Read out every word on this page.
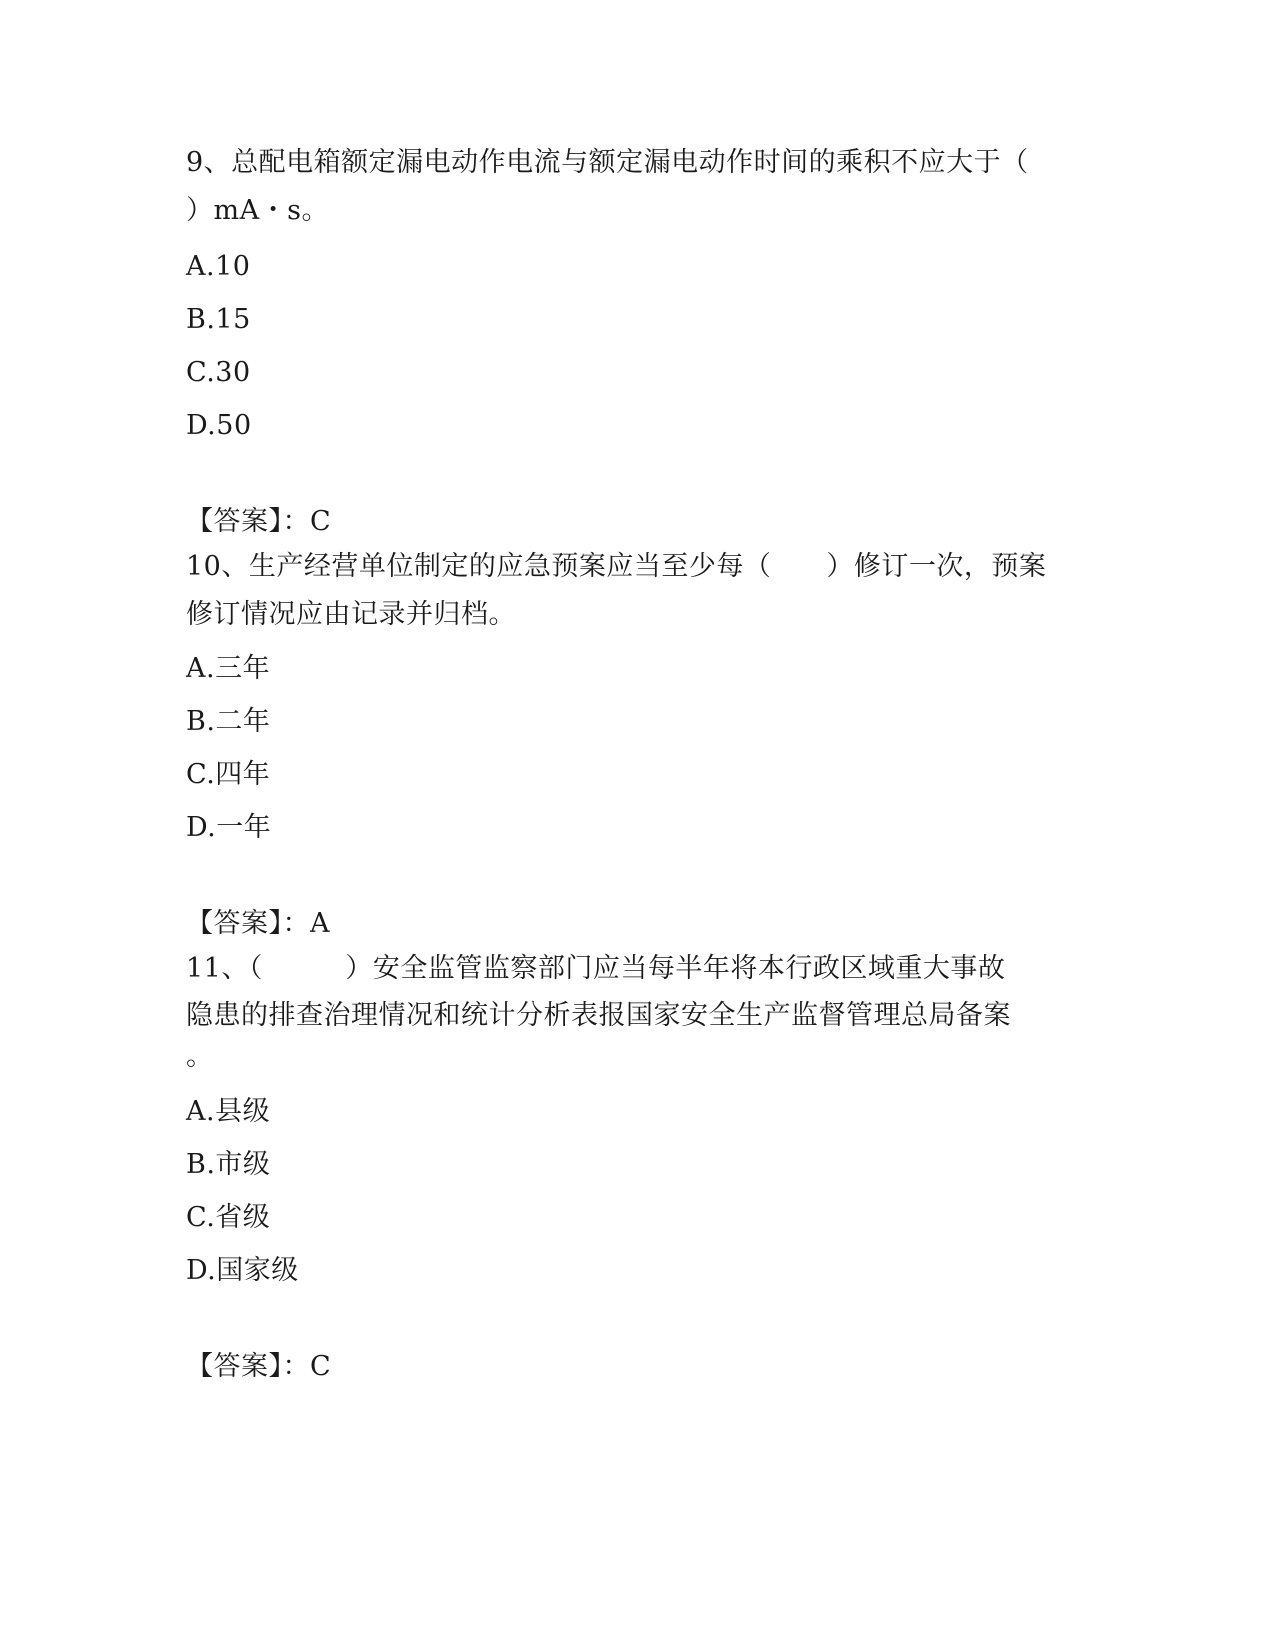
9、总配电箱额定漏电动作电流与额定漏电动作时间的乘积不应大于（
）mA・s。
A.10
B.15
C.30
D.50
【答案】：C
10、生产经营单位制定的应急预案应当至少每（　　）修订一次，预案
修订情况应由记录并归档。
A.三年
B.二年
C.四年
D.一年
【答案】：A
11、（　　　）安全监管监察部门应当每半年将本行政区域重大事故
隐患的排查治理情况和统计分析表报国家安全生产监督管理总局备案
。
A.县级
B.市级
C.省级
D.国家级
【答案】：C
